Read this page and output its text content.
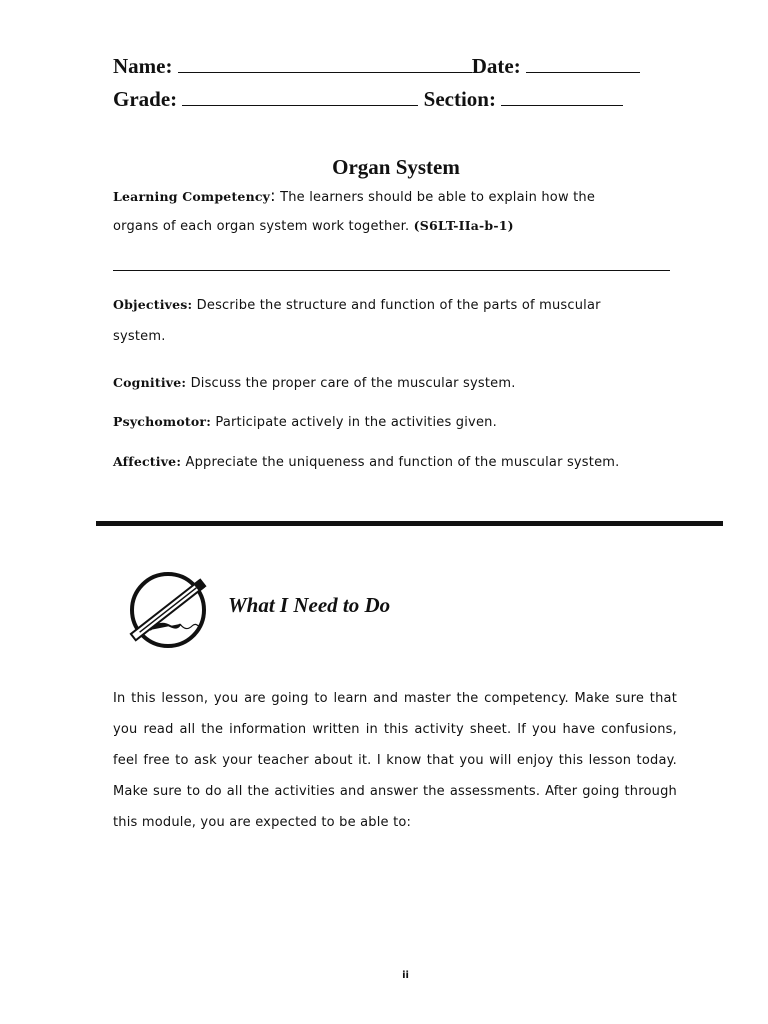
Name:	Date:
Grade:	Section:
Organ System
Learning Competency: The learners should be able to explain how the
organs of each organ system work together. (S6LT-IIa-b-1)
Objectives: Describe the structure and function of the parts of muscular
system.
Cognitive: Discuss the proper care of the muscular system.
Psychomotor: Participate actively in the activities given.
Affective: Appreciate the uniqueness and function of the muscular system.
What I Need to Do
In this lesson, you are going to learn and master the competency. Make sure that you read all the information written in this activity sheet. If you have confusions, feel free to ask your teacher about it. I know that you will enjoy this lesson today. Make sure to do all the activities and answer the assessments. After going through this module, you are expected to be able to:
ii
